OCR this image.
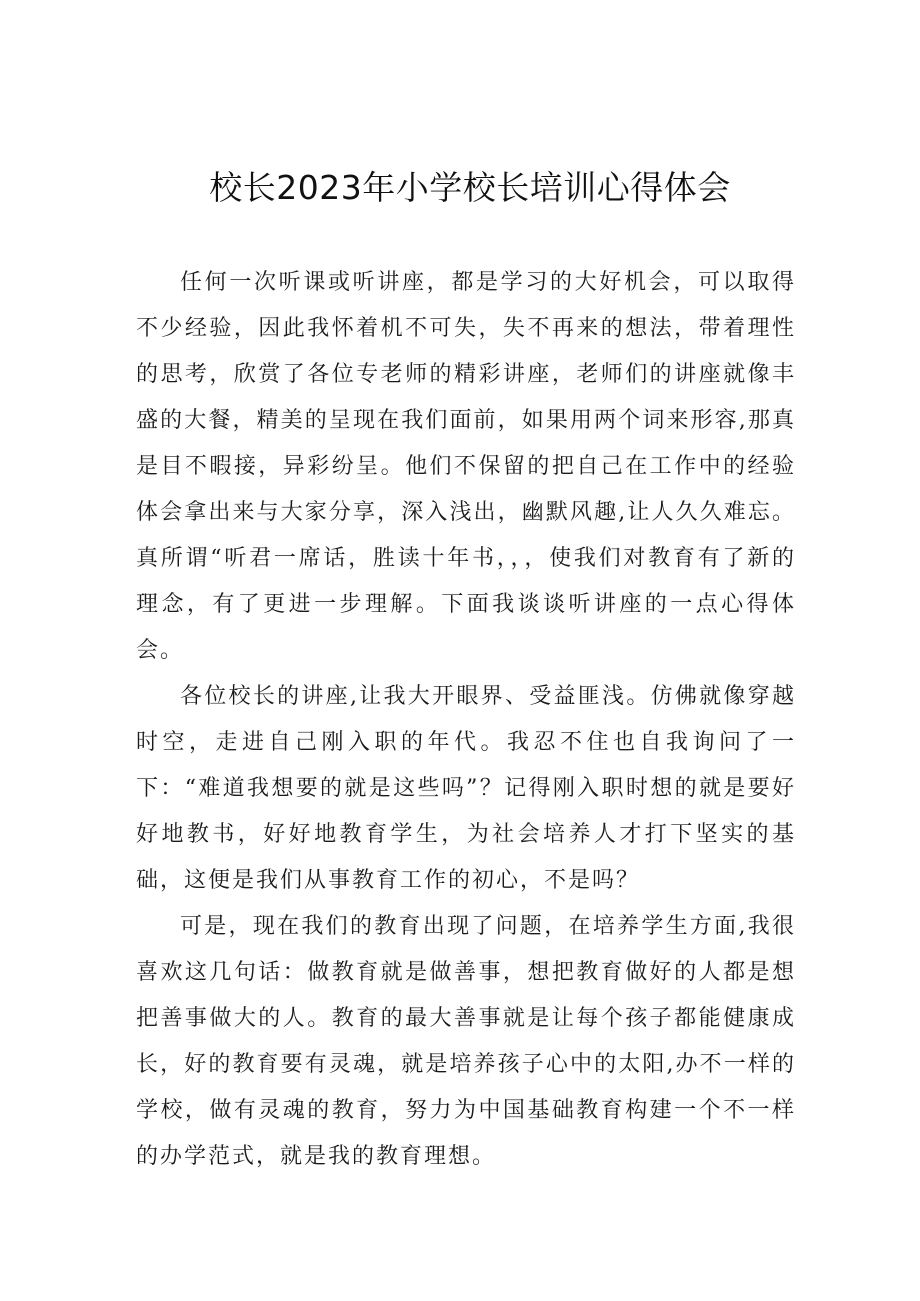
校长2023年小学校长培训心得体会

任何一次听课或听讲座，都是学习的大好机会，可以取得不少经验，因此我怀着机不可失，失不再来的想法，带着理性的思考，欣赏了各位专老师的精彩讲座，老师们的讲座就像丰盛的大餐，精美的呈现在我们面前，如果用两个词来形容,那真是目不暇接，异彩纷呈。他们不保留的把自己在工作中的经验体会拿出来与大家分享，深入浅出，幽默风趣,让人久久难忘。真所谓“听君一席话，胜读十年书，，，使我们对教育有了新的理念，有了更进一步理解。下面我谈谈听讲座的一点心得体会。

各位校长的讲座,让我大开眼界、受益匪浅。仿佛就像穿越时空，走进自己刚入职的年代。我忍不住也自我询问了一下：“难道我想要的就是这些吗”？记得刚入职时想的就是要好好地教书，好好地教育学生，为社会培养人才打下坚实的基础，这便是我们从事教育工作的初心，不是吗？

可是，现在我们的教育出现了问题，在培养学生方面,我很喜欢这几句话：做教育就是做善事，想把教育做好的人都是想把善事做大的人。教育的最大善事就是让每个孩子都能健康成长，好的教育要有灵魂，就是培养孩子心中的太阳,办不一样的学校，做有灵魂的教育，努力为中国基础教育构建一个不一样的办学范式，就是我的教育理想。
